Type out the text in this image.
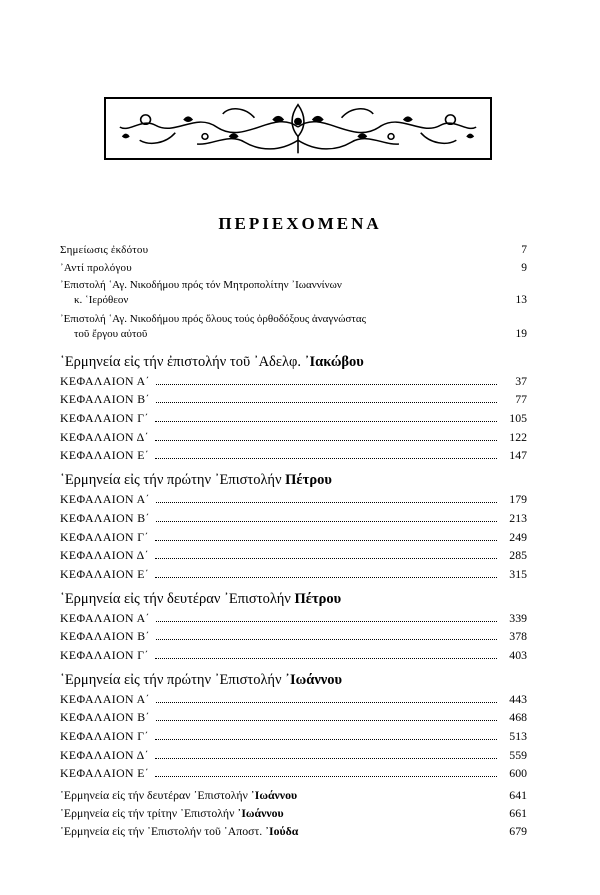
ΠΕΡΙΕΧΟΜΕΝΑ
Σημείωσις ἐκδότου	7
᾿Αντί προλόγου	9
᾿Επιστολή ῾Αγ. Νικοδήμου πρός τόν Μητροπολίτην ᾿Ιωαννίνων
κ. ῾Ιερόθεον	13
᾿Επιστολή ῾Αγ. Νικοδήμου πρός ὅλους τούς ὀρθοδόξους ἀναγνώστας
τοῦ ἔργου αὐτοῦ	19
῾Ερμηνεία εἰς τήν ἐπιστολήν τοῦ ᾿Αδελφ. ᾿Ιακώβου
ΚΕΦΑΛΑΙΟΝ Α΄	37
ΚΕΦΑΛΑΙΟΝ Β΄	77
ΚΕΦΑΛΑΙΟΝ Γ΄	105
ΚΕΦΑΛΑΙΟΝ Δ΄	122
ΚΕΦΑΛΑΙΟΝ Ε΄	147
῾Ερμηνεία εἰς τήν πρώτην ᾿Επιστολήν Πέτρου
ΚΕΦΑΛΑΙΟΝ Α΄	179
ΚΕΦΑΛΑΙΟΝ Β΄	213
ΚΕΦΑΛΑΙΟΝ Γ΄	249
ΚΕΦΑΛΑΙΟΝ Δ΄	285
ΚΕΦΑΛΑΙΟΝ Ε΄	315
῾Ερμηνεία εἰς τήν δευτέραν ᾿Επιστολήν Πέτρου
ΚΕΦΑΛΑΙΟΝ Α΄	339
ΚΕΦΑΛΑΙΟΝ Β΄	378
ΚΕΦΑΛΑΙΟΝ Γ΄	403
῾Ερμηνεία εἰς τήν πρώτην ᾿Επιστολήν ᾿Ιωάννου
ΚΕΦΑΛΑΙΟΝ Α΄	443
ΚΕΦΑΛΑΙΟΝ Β΄	468
ΚΕΦΑΛΑΙΟΝ Γ΄	513
ΚΕΦΑΛΑΙΟΝ Δ΄	559
ΚΕΦΑΛΑΙΟΝ Ε΄	600
῾Ερμηνεία εἰς τήν δευτέραν ᾿Επιστολήν ᾿Ιωάννου	641
῾Ερμηνεία εἰς τήν τρίτην ᾿Επιστολήν ᾿Ιωάννου	661
῾Ερμηνεία εἰς τήν ᾿Επιστολήν τοῦ ᾿Αποστ. ᾿Ιούδα	679
